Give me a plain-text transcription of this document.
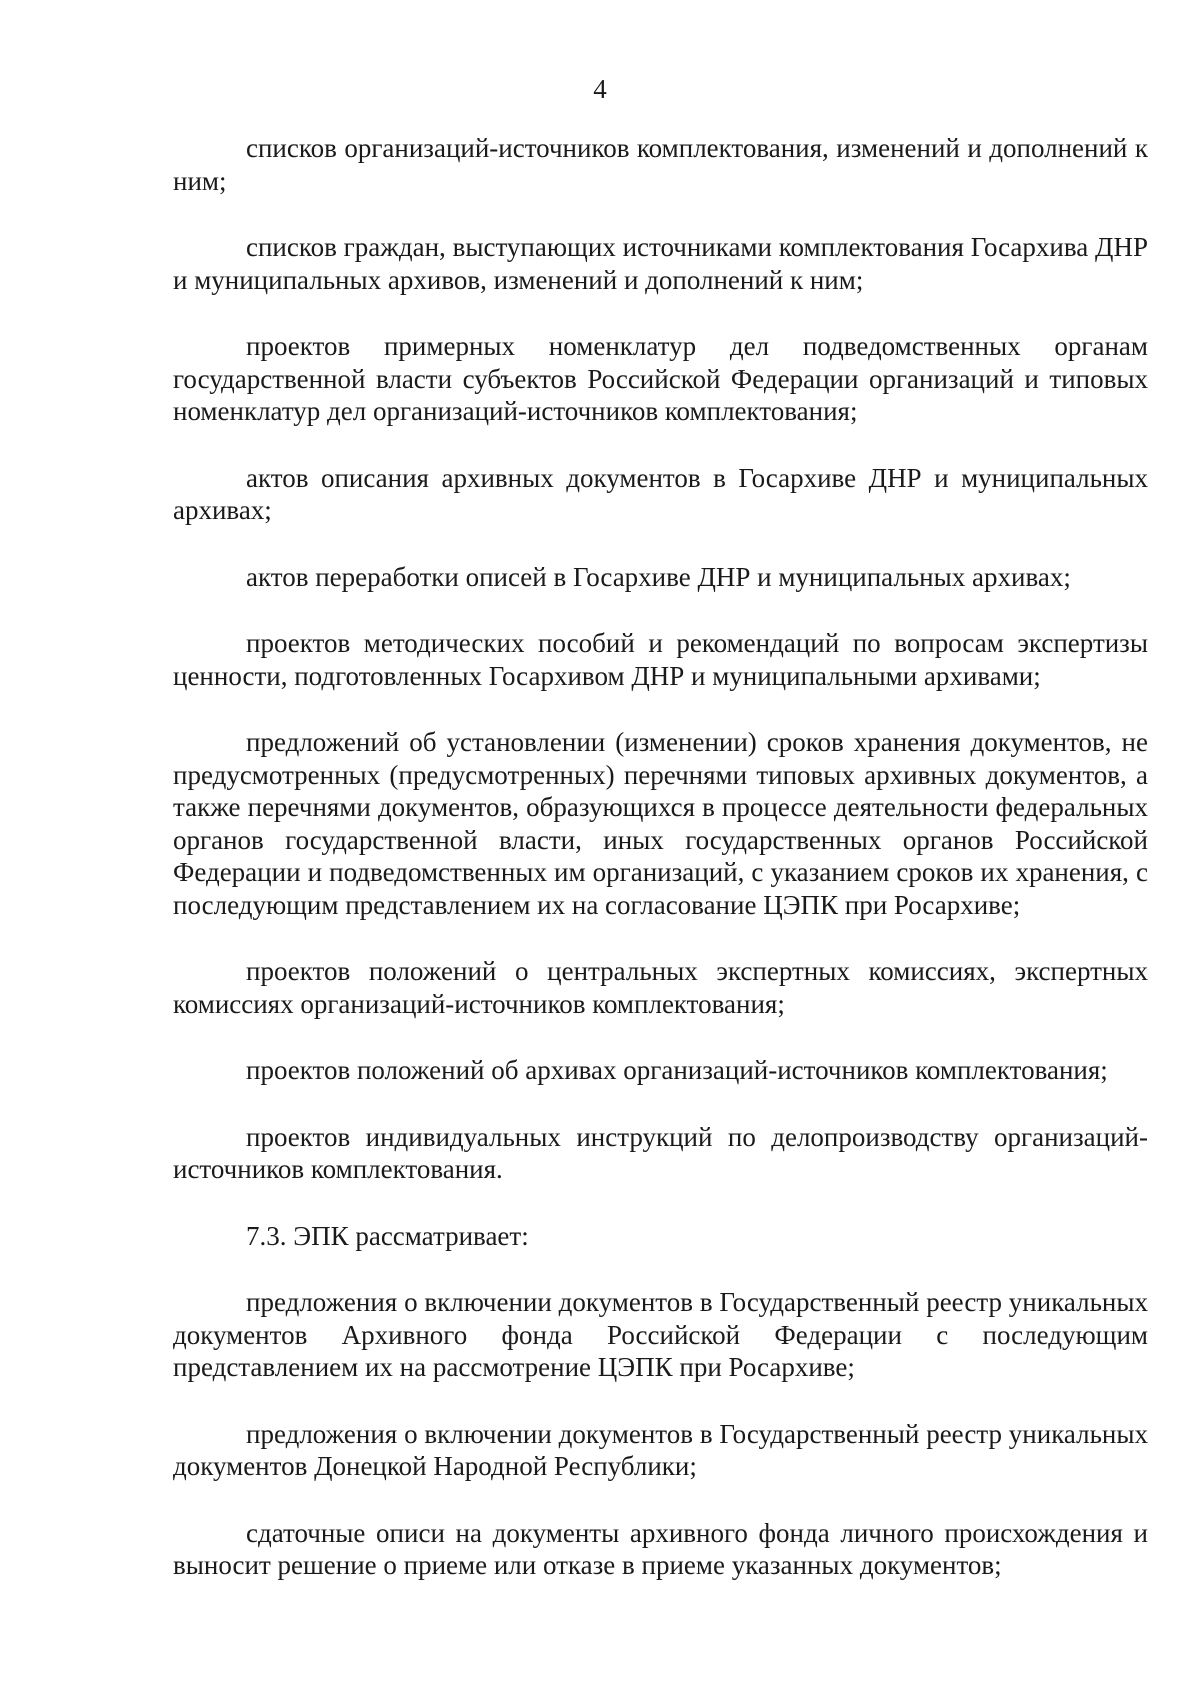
4

списков организаций-источников комплектования, изменений и дополнений к ним;

списков граждан, выступающих источниками комплектования Госархива ДНР и муниципальных архивов, изменений и дополнений к ним;

проектов примерных номенклатур дел подведомственных органам государственной власти субъектов Российской Федерации организаций и типовых номенклатур дел организаций-источников комплектования;

актов описания архивных документов в Госархиве ДНР и муниципальных архивах;

актов переработки описей в Госархиве ДНР и муниципальных архивах;

проектов методических пособий и рекомендаций по вопросам экспертизы ценности, подготовленных Госархивом ДНР и муниципальными архивами;

предложений об установлении (изменении) сроков хранения документов, не предусмотренных (предусмотренных) перечнями типовых архивных документов, а также перечнями документов, образующихся в процессе деятельности федеральных органов государственной власти, иных государственных органов Российской Федерации и подведомственных им организаций, с указанием сроков их хранения, с последующим представлением их на согласование ЦЭПК при Росархиве;

проектов положений о центральных экспертных комиссиях, экспертных комиссиях организаций-источников комплектования;

проектов положений об архивах организаций-источников комплектования;

проектов индивидуальных инструкций по делопроизводству организаций-источников комплектования.

7.3. ЭПК рассматривает:

предложения о включении документов в Государственный реестр уникальных документов Архивного фонда Российской Федерации с последующим представлением их на рассмотрение ЦЭПК при Росархиве;

предложения о включении документов в Государственный реестр уникальных документов Донецкой Народной Республики;

сдаточные описи на документы архивного фонда личного происхождения и выносит решение о приеме или отказе в приеме указанных документов;
